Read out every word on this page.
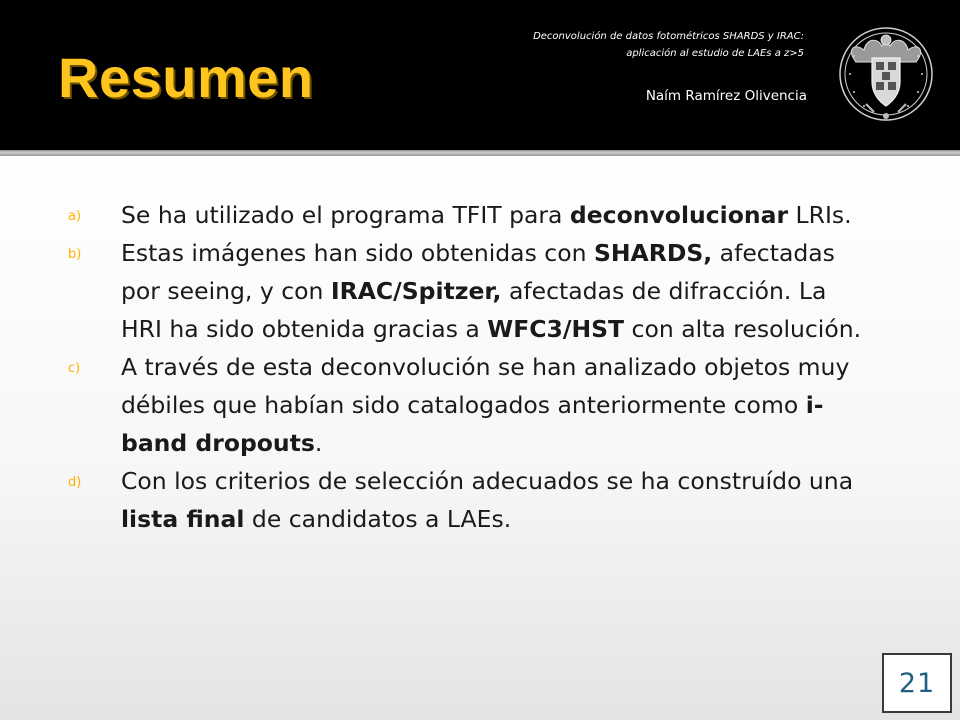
Resumen
Deconvolución de datos fotométricos SHARDS y IRAC:
aplicación al estudio de LAEs a z>5
Naím Ramírez Olivencia
a) Se ha utilizado el programa TFIT para deconvolucionar LRIs.
b) Estas imágenes han sido obtenidas con SHARDS, afectadas por seeing, y con IRAC/Spitzer, afectadas de difracción. La HRI ha sido obtenida gracias a WFC3/HST con alta resolución.
c) A través de esta deconvolución se han analizado objetos muy débiles que habían sido catalogados anteriormente como i-band dropouts.
d) Con los criterios de selección adecuados se ha construído una lista final de candidatos a LAEs.
21
